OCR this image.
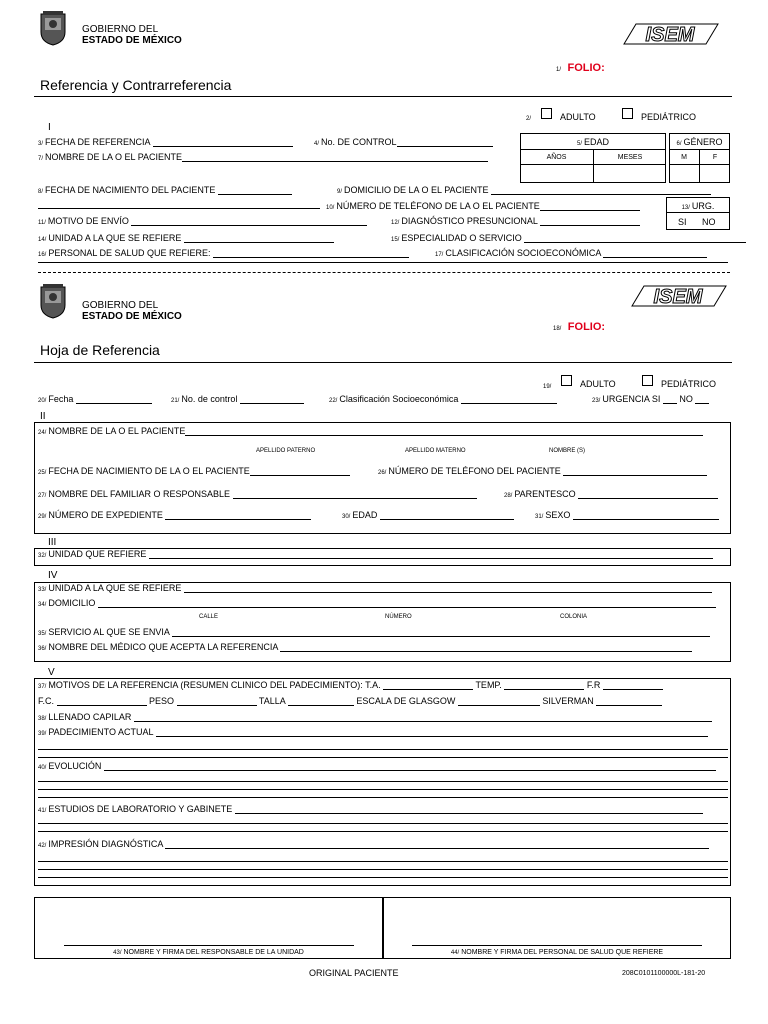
GOBIERNO DEL
ESTADO DE MÉXICO	ISEM
1/ FOLIO:
Referencia y Contrarreferencia
2/	ADULTO	PEDIÁTRICO
I
3/ FECHA DE REFERENCIA	4/ No. DE CONTROL	5/ EDAD
AÑOS	MESES
6/ GÉNERO
M	F
7/ NOMBRE DE LA O EL PACIENTE
8/ FECHA DE NACIMIENTO DEL PACIENTE	9/ DOMICILIO DE LA O EL PACIENTE
10/ NÚMERO DE TELÉFONO DE LA O EL PACIENTE	13/ URG.
SI NO
11/ MOTIVO DE ENVÍO	12/ DIAGNÓSTICO PRESUNCIONAL
14/ UNIDAD A LA QUE SE REFIERE	15/ ESPECIALIDAD O SERVICIO
16/ PERSONAL DE SALUD QUE REFIERE:	17/ CLASIFICACIÓN SOCIOECONÓMICA
GOBIERNO DEL
ESTADO DE MÉXICO
ISEM
18/ FOLIO:
Hoja de Referencia
19/	ADULTO	PEDIÁTRICO
20/ Fecha	21/ No. de control	22/ Clasificación Socioeconómica	23/ URGENCIA SI NO
II
24/ NOMBRE DE LA O EL PACIENTE
APELLIDO PATERNO	APELLIDO MATERNO	NOMBRE (S)
25/ FECHA DE NACIMIENTO DE LA O EL PACIENTE	26/ NÚMERO DE TELÉFONO DEL PACIENTE
27/ NOMBRE DEL FAMILIAR O RESPONSABLE	28/ PARENTESCO
29/ NÚMERO DE EXPEDIENTE	30/ EDAD	31/ SEXO
III
32/ UNIDAD QUE REFIERE
IV
33/ UNIDAD A LA QUE SE REFIERE
34/ DOMICILIO
CALLE	NÚMERO	COLONIA
35/ SERVICIO AL QUE SE ENVIA
36/ NOMBRE DEL MÉDICO QUE ACEPTA LA REFERENCIA
V
37/ MOTIVOS DE LA REFERENCIA (RESUMEN CLINICO DEL PADECIMIENTO): T.A.	TEMP.	F.R
F.C.	PESO	TALLA	ESCALA DE GLASGOW	SILVERMAN
38/ LLENADO CAPILAR
39/ PADECIMIENTO ACTUAL
40/ EVOLUCIÓN
41/ ESTUDIOS DE LABORATORIO Y GABINETE
42/ IMPRESIÓN DIAGNÓSTICA
43/ NOMBRE Y FIRMA DEL RESPONSABLE DE LA UNIDAD	44/ NOMBRE Y FIRMA DEL PERSONAL DE SALUD QUE REFIERE
ORIGINAL PACIENTE	208C0101100000L-181-20
